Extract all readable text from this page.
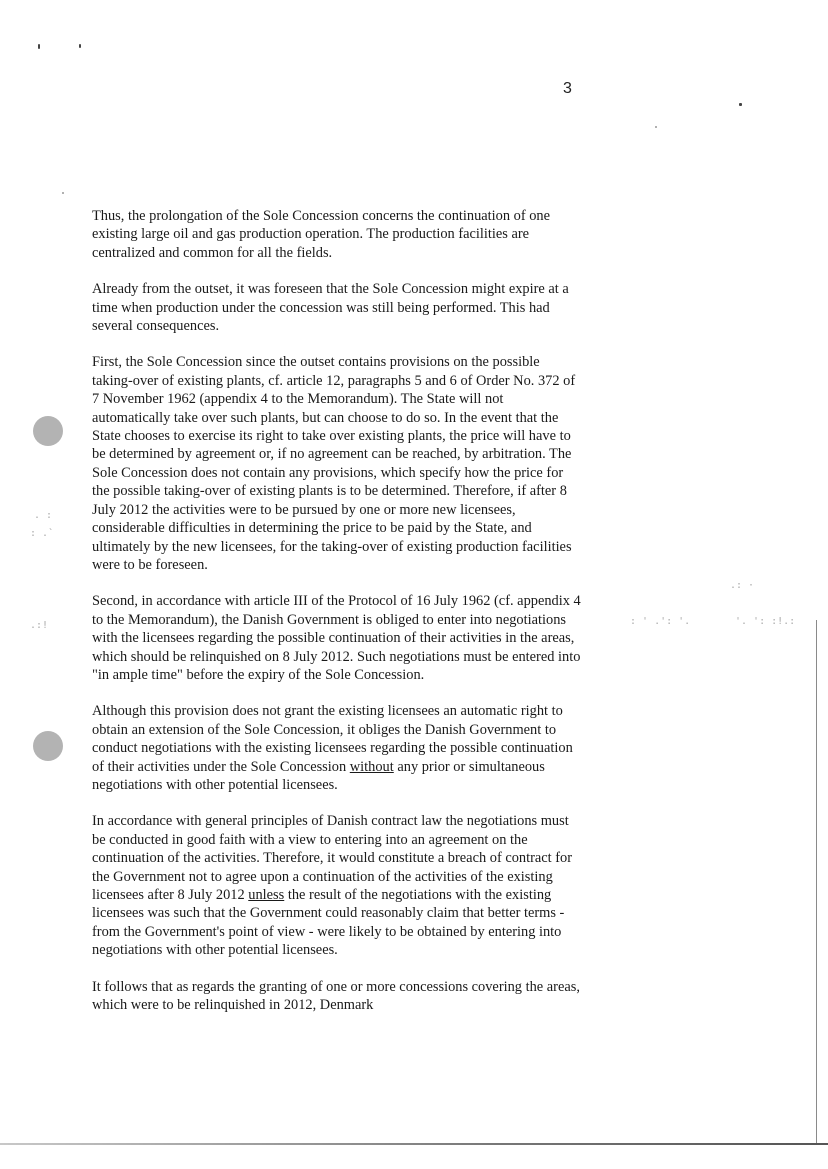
. :
: .`
.:!	: ' .': '.	'. ': :!.:
.: ·
3

Thus, the prolongation of the Sole Concession concerns the continuation of one existing large oil and gas production operation. The production facilities are centralized and common for all the fields.

Already from the outset, it was foreseen that the Sole Concession might expire at a time when production under the concession was still being performed. This had several consequences.

First, the Sole Concession since the outset contains provisions on the possible taking-over of existing plants, cf. article 12, paragraphs 5 and 6 of Order No. 372 of 7 November 1962 (appendix 4 to the Memorandum). The State will not automatically take over such plants, but can choose to do so. In the event that the State chooses to exercise its right to take over existing plants, the price will have to be determined by agreement or, if no agreement can be reached, by arbitration. The Sole Concession does not contain any provisions, which specify how the price for the possible taking-over of existing plants is to be determined. Therefore, if after 8 July 2012 the activities were to be pursued by one or more new licensees, considerable difficulties in determining the price to be paid by the State, and ultimately by the new licensees, for the taking-over of existing production facilities were to be foreseen.

Second, in accordance with article III of the Protocol of 16 July 1962 (cf. appendix 4 to the Memorandum), the Danish Government is obliged to enter into negotiations with the licensees regarding the possible continuation of their activities in the areas, which should be relinquished on 8 July 2012. Such negotiations must be entered into "in ample time" before the expiry of the Sole Concession.

Although this provision does not grant the existing licensees an automatic right to obtain an extension of the Sole Concession, it obliges the Danish Government to conduct negotiations with the existing licensees regarding the possible continuation of their activities under the Sole Concession without any prior or simultaneous negotiations with other potential licensees.

In accordance with general principles of Danish contract law the negotiations must be conducted in good faith with a view to entering into an agreement on the continuation of the activities. Therefore, it would constitute a breach of contract for the Government not to agree upon a continuation of the activities of the existing licensees after 8 July 2012 unless the result of the negotiations with the existing licensees was such that the Government could reasonably claim that better terms - from the Government's point of view - were likely to be obtained by entering into negotiations with other potential licensees.

It follows that as regards the granting of one or more concessions covering the areas, which were to be relinquished in 2012, Denmark
